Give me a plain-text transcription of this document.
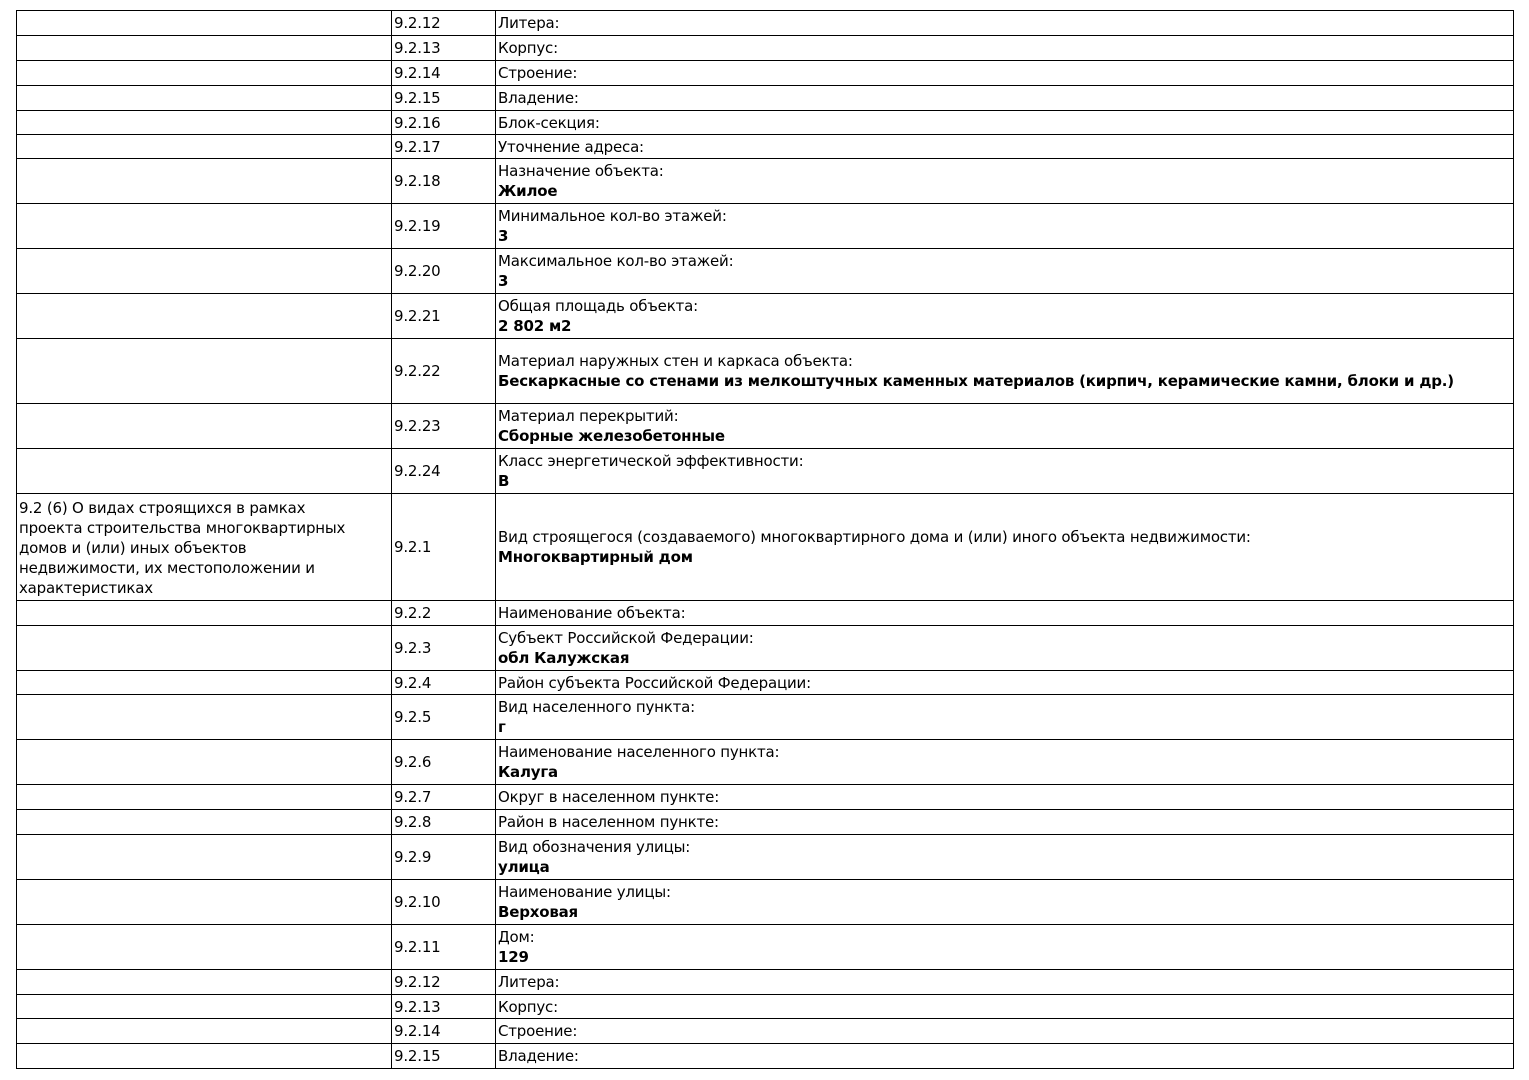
	9.2.12	Литера:

	9.2.13	Корпус:

	9.2.14	Строение:

	9.2.15	Владение:

	9.2.16	Блок-секция:

	9.2.17	Уточнение адреса:

	9.2.18	Назначение объекта:
Жилое

	9.2.19	Минимальное кол-во этажей:
3

	9.2.20	Максимальное кол-во этажей:
3

	9.2.21	Общая площадь объекта:
2 802 м2

	9.2.22	Материал наружных стен и каркаса объекта:
Бескаркасные со стенами из мелкоштучных каменных материалов (кирпич, керамические камни, блоки и др.)

	9.2.23	Материал перекрытий:
Сборные железобетонные

	9.2.24	Класс энергетической эффективности:
В

9.2 (6) О видах строящихся в рамках
проекта строительства многоквартирных
домов и (или) иных объектов
недвижимости, их местоположении и
характеристиках	9.2.1	Вид строящегося (создаваемого) многоквартирного дома и (или) иного объекта недвижимости:
Многоквартирный дом

	9.2.2	Наименование объекта:

	9.2.3	Субъект Российской Федерации:
обл Калужская

	9.2.4	Район субъекта Российской Федерации:

	9.2.5	Вид населенного пункта:
г

	9.2.6	Наименование населенного пункта:
Калуга

	9.2.7	Округ в населенном пункте:

	9.2.8	Район в населенном пункте:

	9.2.9	Вид обозначения улицы:
улица

	9.2.10	Наименование улицы:
Верховая

	9.2.11	Дом:
129

	9.2.12	Литера:

	9.2.13	Корпус:

	9.2.14	Строение:

	9.2.15	Владение:
